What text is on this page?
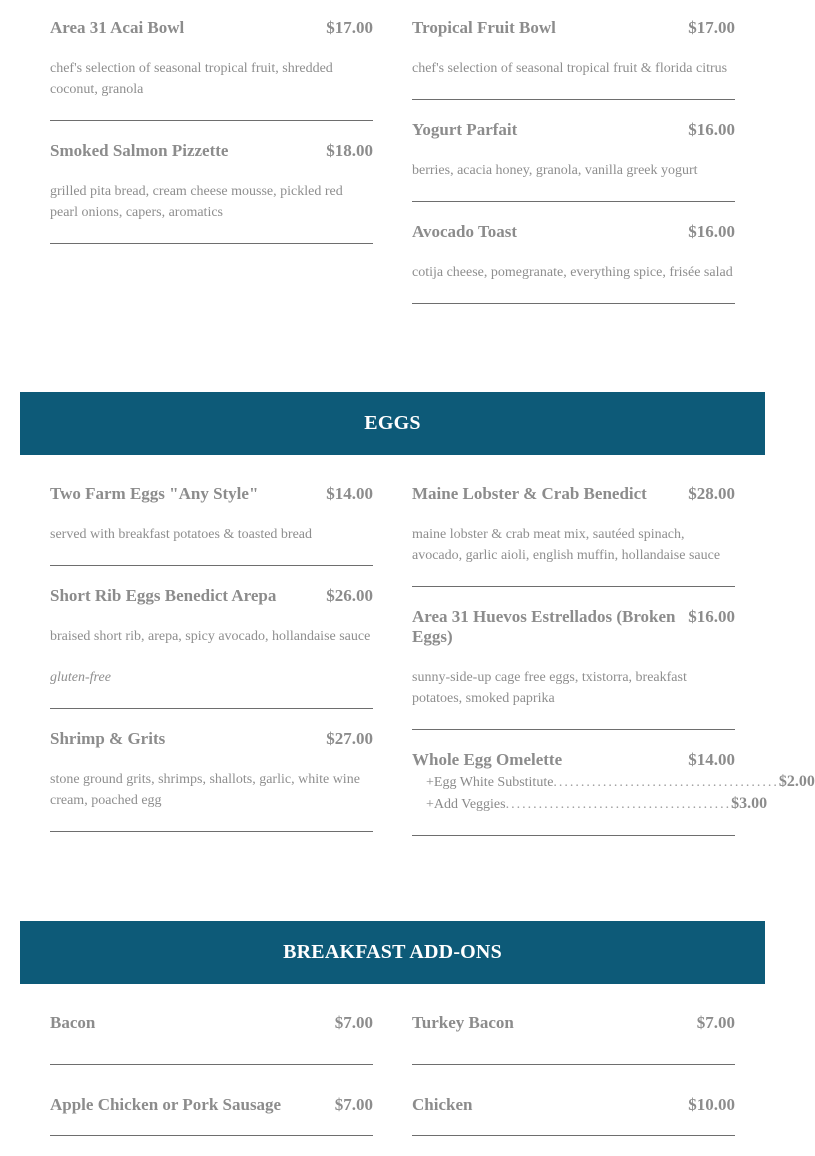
Area 31 Acai Bowl	$17.00
chef's selection of seasonal tropical fruit, shredded coconut, granola
Smoked Salmon Pizzette	$18.00
grilled pita bread, cream cheese mousse, pickled red pearl onions, capers, aromatics
Tropical Fruit Bowl	$17.00
chef's selection of seasonal tropical fruit & florida citrus
Yogurt Parfait	$16.00
berries, acacia honey, granola, vanilla greek yogurt
Avocado Toast	$16.00
cotija cheese, pomegranate, everything spice, frisée salad
EGGS
Two Farm Eggs "Any Style"	$14.00
served with breakfast potatoes & toasted bread
Short Rib Eggs Benedict Arepa	$26.00
braised short rib, arepa, spicy avocado, hollandaise sauce
gluten-free
Shrimp & Grits	$27.00
stone ground grits, shrimps, shallots, garlic, white wine cream, poached egg
Maine Lobster & Crab Benedict	$28.00
maine lobster & crab meat mix, sautéed spinach, avocado, garlic aioli, english muffin, hollandaise sauce
Area 31 Huevos Estrellados (Broken Eggs)
$16.00
sunny-side-up cage free eggs, txistorra, breakfast potatoes, smoked paprika
Whole Egg Omelette	$14.00
+ Egg White Substitute ......................................... $2.00
+ Add Veggies ......................................... $3.00
BREAKFAST ADD-ONS
Bacon	$7.00
Apple Chicken or Pork Sausage	$7.00
Turkey Bacon	$7.00
Chicken	$10.00
